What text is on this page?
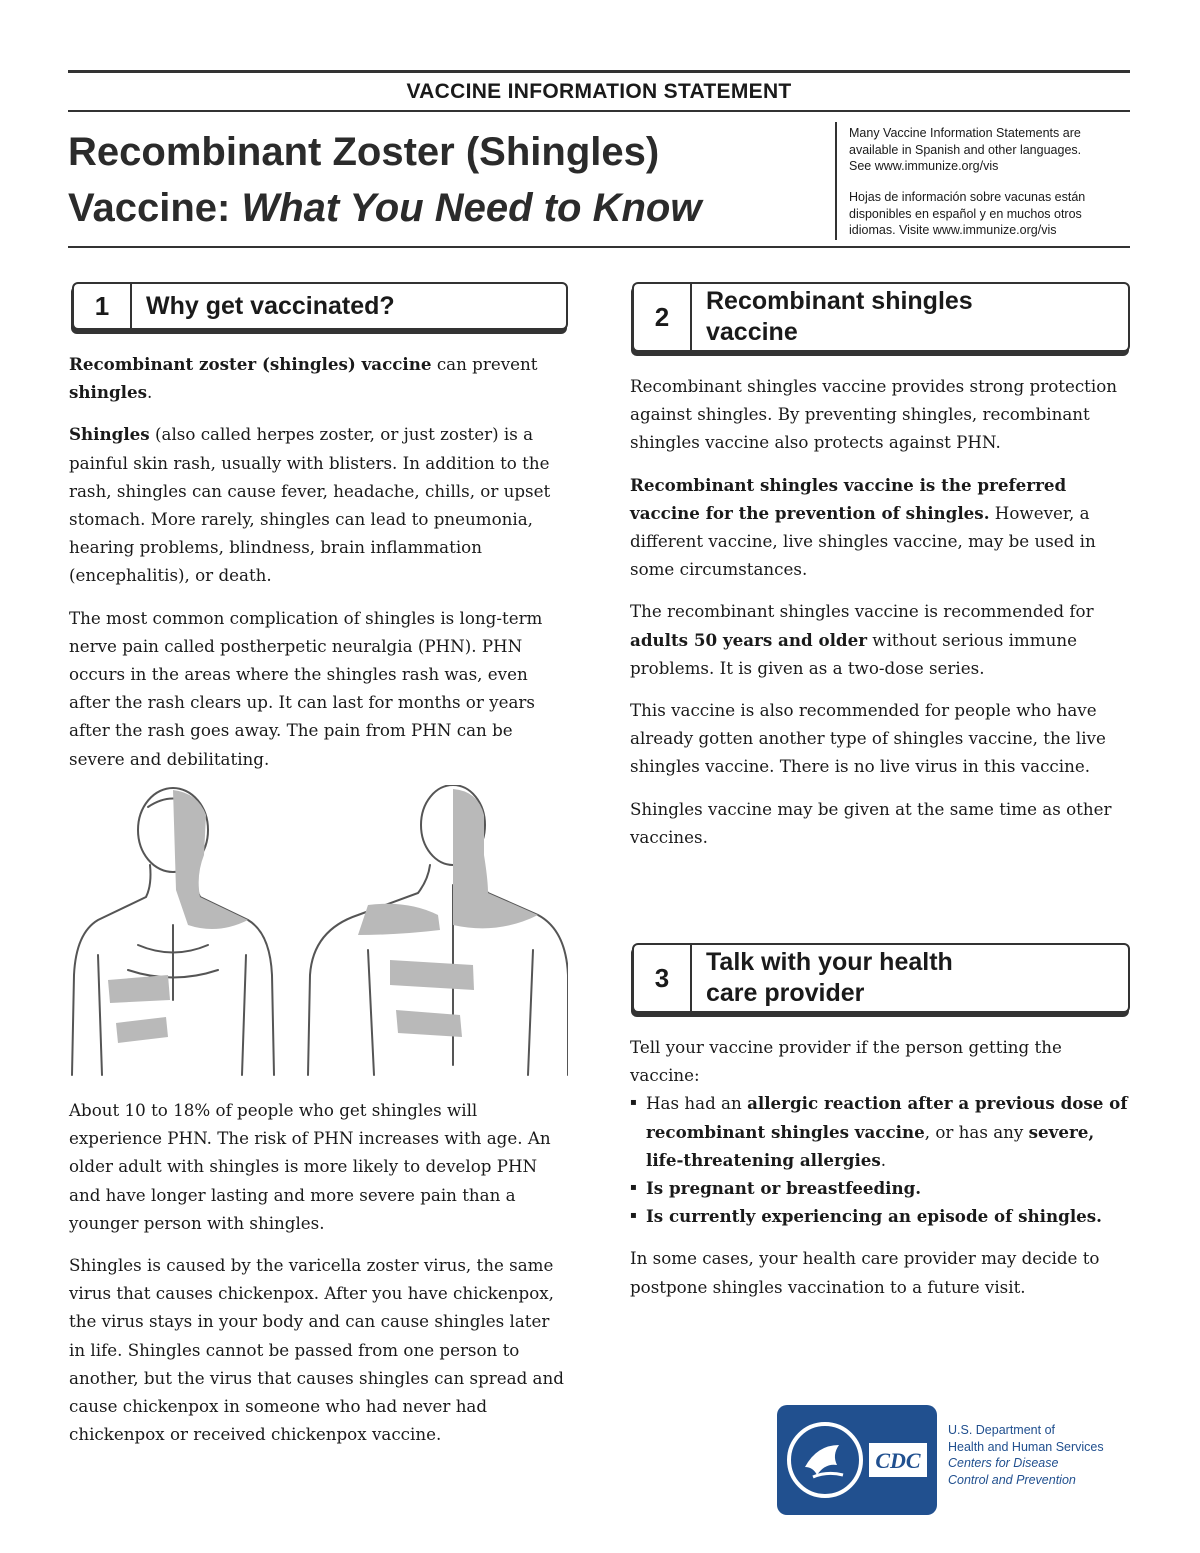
VACCINE INFORMATION STATEMENT
Recombinant Zoster (Shingles)
Vaccine: What You Need to Know
Many Vaccine Information Statements are
available in Spanish and other languages.
See www.immunize.org/vis
Hojas de información sobre vacunas están
disponibles en español y en muchos otros
idiomas. Visite www.immunize.org/vis
1	Why get vaccinated?

Recombinant zoster (shingles) vaccine can prevent shingles.

Shingles (also called herpes zoster, or just zoster) is a painful skin rash, usually with blisters. In addition to the rash, shingles can cause fever, headache, chills, or upset stomach. More rarely, shingles can lead to pneumonia, hearing problems, blindness, brain inflammation (encephalitis), or death.

The most common complication of shingles is long-term nerve pain called postherpetic neuralgia (PHN). PHN occurs in the areas where the shingles rash was, even after the rash clears up. It can last for months or years after the rash goes away. The pain from PHN can be severe and debilitating.

About 10 to 18% of people who get shingles will experience PHN. The risk of PHN increases with age. An older adult with shingles is more likely to develop PHN and have longer lasting and more severe pain than a younger person with shingles.

Shingles is caused by the varicella zoster virus, the same virus that causes chickenpox. After you have chickenpox, the virus stays in your body and can cause shingles later in life. Shingles cannot be passed from one person to another, but the virus that causes shingles can spread and cause chickenpox in someone who had never had chickenpox or received chickenpox vaccine.

2
Recombinant shingles
vaccine

Recombinant shingles vaccine provides strong protection against shingles. By preventing shingles, recombinant shingles vaccine also protects against PHN.

Recombinant shingles vaccine is the preferred vaccine for the prevention of shingles. However, a different vaccine, live shingles vaccine, may be used in some circumstances.

The recombinant shingles vaccine is recommended for adults 50 years and older without serious immune problems. It is given as a two-dose series.

This vaccine is also recommended for people who have already gotten another type of shingles vaccine, the live shingles vaccine. There is no live virus in this vaccine.

Shingles vaccine may be given at the same time as other vaccines.

3
Talk with your health
care provider
Tell your vaccine provider if the person getting the vaccine:
▪ Has had an allergic reaction after a previous dose of recombinant shingles vaccine, or has any severe, life-threatening allergies.
▪ Is pregnant or breastfeeding.
▪ Is currently experiencing an episode of shingles.

In some cases, your health care provider may decide to postpone shingles vaccination to a future visit.

CDC
U.S. Department of
Health and Human Services
Centers for Disease
Control and Prevention
